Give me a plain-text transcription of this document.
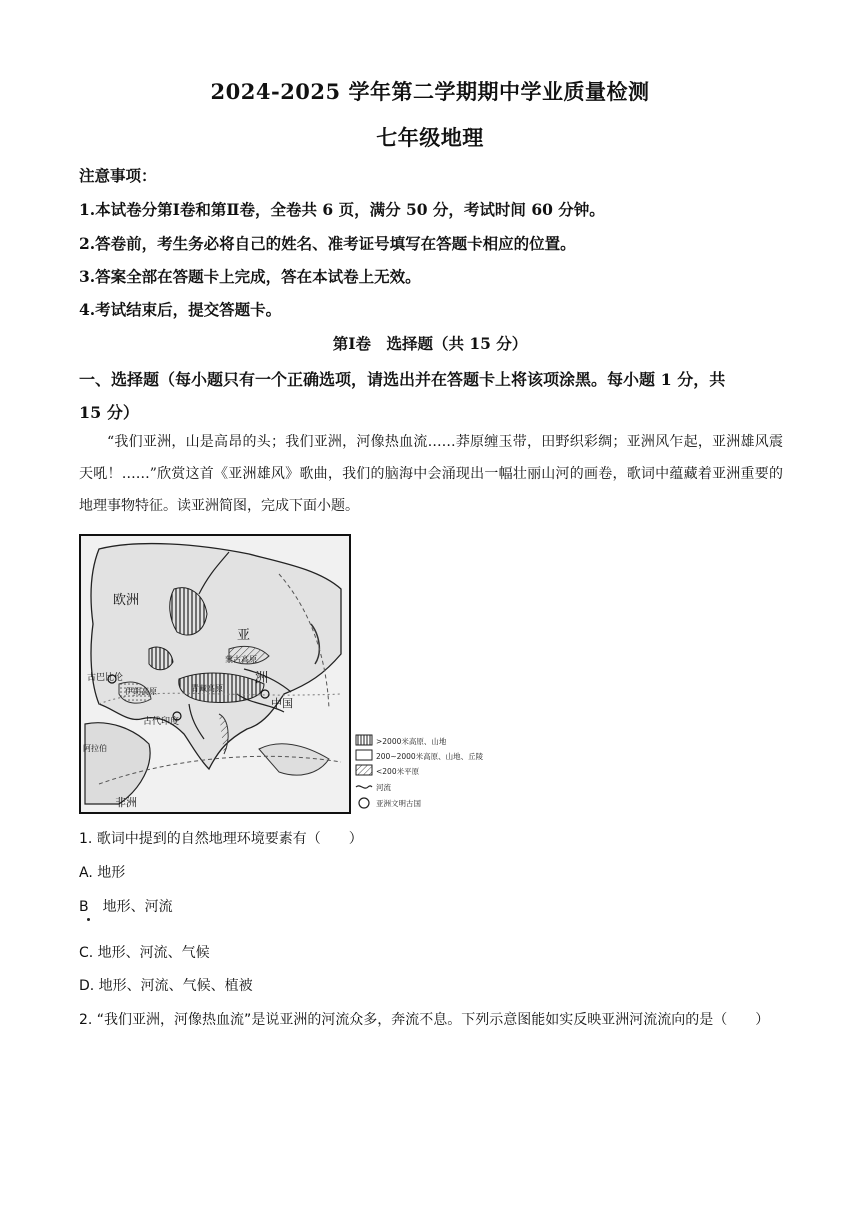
2024-2025 学年第二学期期中学业质量检测
七年级地理
注意事项：
1.本试卷分第Ⅰ卷和第Ⅱ卷，全卷共 6 页，满分 50 分，考试时间 60 分钟。
2.答卷前，考生务必将自己的姓名、准考证号填写在答题卡相应的位置。
3.答案全部在答题卡上完成，答在本试卷上无效。
4.考试结束后，提交答题卡。
第Ⅰ卷　选择题（共 15 分）
一、选择题（每小题只有一个正确选项，请选出并在答题卡上将该项涂黑。每小题 1 分，共
15 分）
“我们亚洲，山是高昂的头；我们亚洲，河像热血流……莽原缠玉带，田野织彩绸；亚洲风乍起，亚洲雄风震天吼！……”欣赏这首《亚洲雄风》歌曲，我们的脑海中会涌现出一幅壮丽山河的画卷，歌词中蕴藏着亚洲重要的地理事物特征。读亚洲简图，完成下面小题。
欧洲
亚
洲
中国
古巴比伦
伊朗高原	青藏高原
蒙古高原
古代印度
阿拉伯
非洲
>2000米高原、山地
200~2000米高原、山地、丘陵
<200米平原
河流
亚洲文明古国
1. 歌词中提到的自然地理环境要素有（　　）
A. 地形
B　地形、河流
C. 地形、河流、气候
D. 地形、河流、气候、植被
2. “我们亚洲，河像热血流”是说亚洲的河流众多，奔流不息。下列示意图能如实反映亚洲河流流向的是（　　）
